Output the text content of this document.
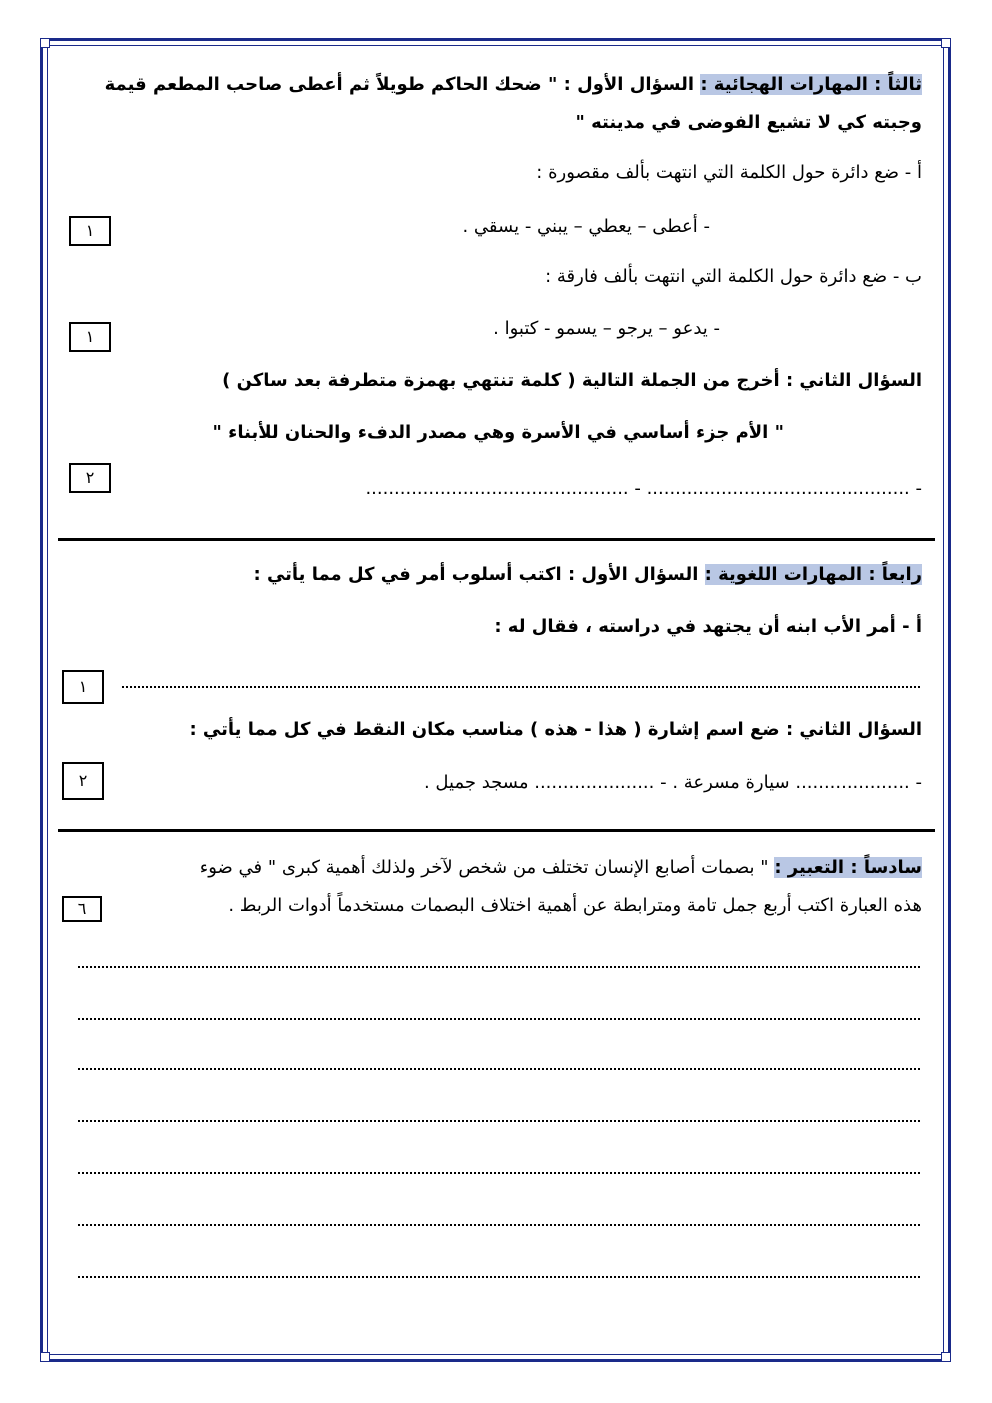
ثالثاً : المهارات الهجائية : السؤال الأول : " ضحك الحاكم طويلاً ثم أعطى صاحب المطعم قيمة
وجبته كي لا تشيع الفوضى في مدينته "
أ - ضع دائرة حول الكلمة التي انتهت بألف مقصورة :
- أعطى – يعطي – يبني - يسقي .
١
ب - ضع دائرة حول الكلمة التي انتهت بألف فارقة :
- يدعو – يرجو – يسمو - كتبوا .
١
السؤال الثاني : أخرج من الجملة التالية ( كلمة تنتهي بهمزة متطرفة بعد ساكن )
" الأم جزء أساسي في الأسرة وهي مصدر الدفء والحنان للأبناء "
- .............................................. - ..............................................
٢
رابعاً : المهارات اللغوية : السؤال الأول : اكتب أسلوب أمر في كل مما يأتي :
أ - أمر الأب ابنه أن يجتهد في دراسته ، فقال له :
١
السؤال الثاني : ضع اسم إشارة ( هذا - هذه ) مناسب مكان النقط في كل مما يأتي :
- .................... سيارة مسرعة . - ..................... مسجد جميل .
٢
سادساً : التعبير : " بصمات أصابع الإنسان تختلف من شخص لآخر ولذلك أهمية كبرى " في ضوء
هذه العبارة اكتب أربع جمل تامة ومترابطة عن أهمية اختلاف البصمات مستخدماً أدوات الربط .
٦
